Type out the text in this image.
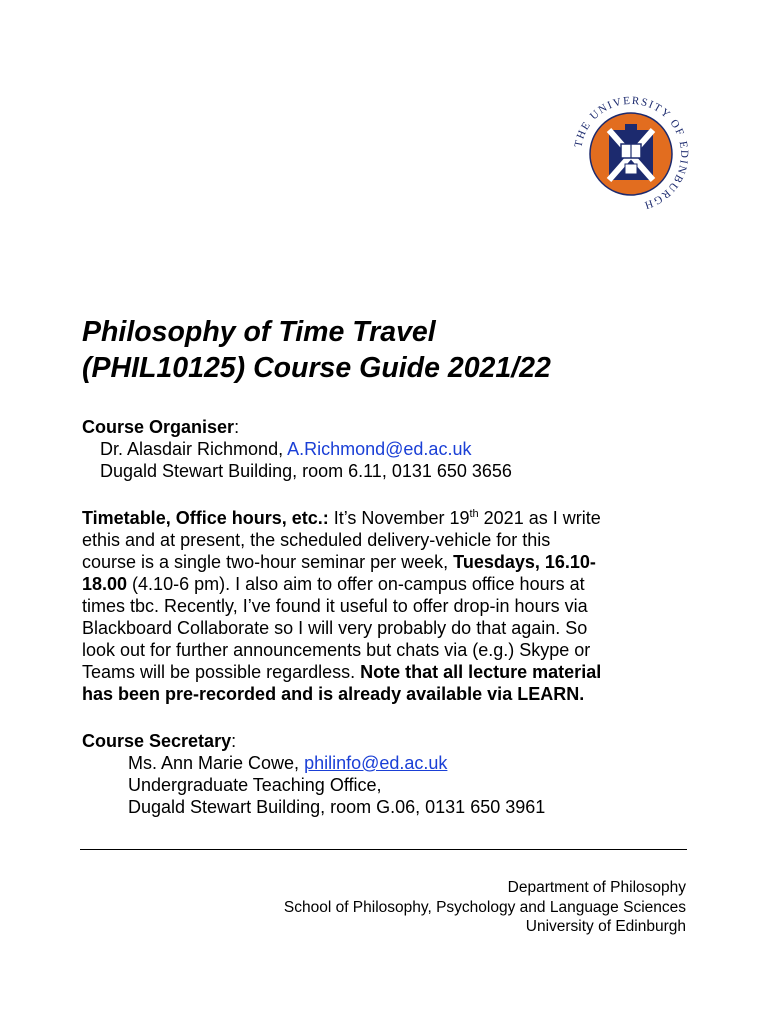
THE UNIVERSITY OF EDINBURGH
Philosophy of Time Travel
(PHIL10125) Course Guide 2021/22
Course Organiser:
Dr. Alasdair Richmond, A.Richmond@ed.ac.uk
Dugald Stewart Building, room 6.11, 0131 650 3656
Timetable, Office hours, etc.: It’s November 19th 2021 as I write
ethis and at present, the scheduled delivery-vehicle for this
course is a single two-hour seminar per week, Tuesdays, 16.10-
18.00 (4.10-6 pm). I also aim to offer on-campus office hours at
times tbc. Recently, I’ve found it useful to offer drop-in hours via
Blackboard Collaborate so I will very probably do that again. So
look out for further announcements but chats via (e.g.) Skype or
Teams will be possible regardless. Note that all lecture material
has been pre-recorded and is already available via LEARN.
Course Secretary:
Ms. Ann Marie Cowe, philinfo@ed.ac.uk
Undergraduate Teaching Office,
Dugald Stewart Building, room G.06, 0131 650 3961
Department of Philosophy
School of Philosophy, Psychology and Language Sciences
University of Edinburgh
